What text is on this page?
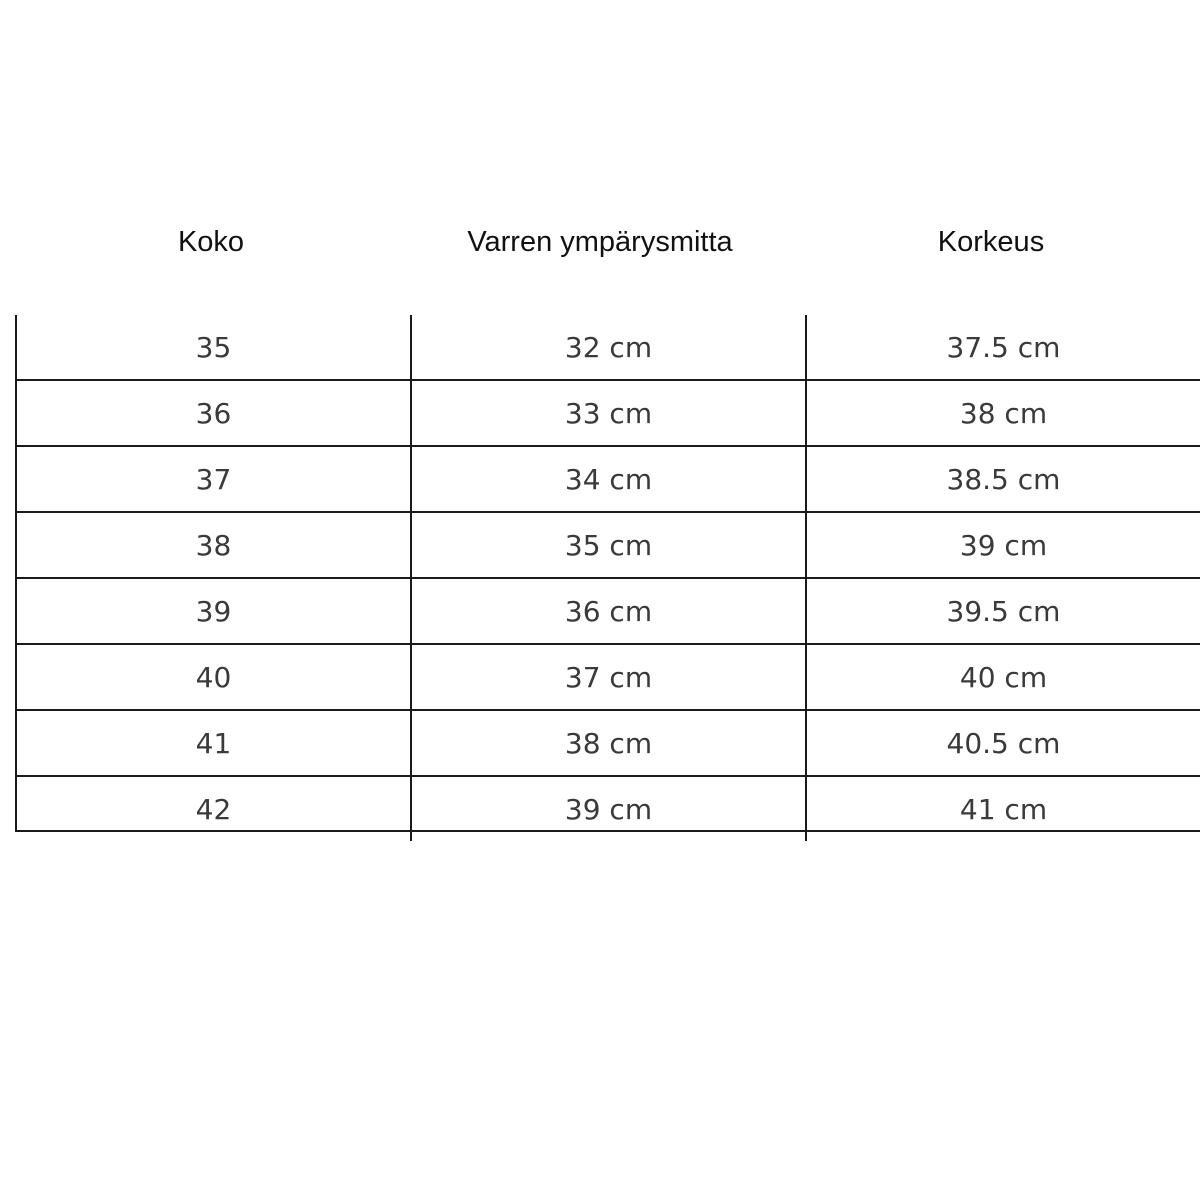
Koko	Varren ympärysmitta	Korkeus
35	32 cm	37.5 cm
36	33 cm	38 cm
37	34 cm	38.5 cm
38	35 cm	39 cm
39	36 cm	39.5 cm
40	37 cm	40 cm
41	38 cm	40.5 cm
42	39 cm	41 cm
